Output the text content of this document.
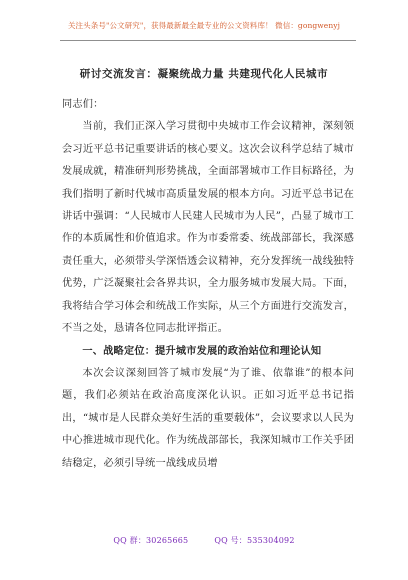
关注头条号"公文研究"，获得最新最全最专业的公文资料库！ 微信：gongwenyj
研讨交流发言：凝聚统战力量 共建现代化人民城市

同志们：

当前，我们正深入学习贯彻中央城市工作会议精神，深刻领会习近平总书记重要讲话的核心要义。这次会议科学总结了城市发展成就，精准研判形势挑战，全面部署城市工作目标路径，为我们指明了新时代城市高质量发展的根本方向。习近平总书记在讲话中强调：“人民城市人民建人民城市为人民”，凸显了城市工作的本质属性和价值追求。作为市委常委、统战部部长，我深感责任重大，必须带头学深悟透会议精神，充分发挥统一战线独特优势，广泛凝聚社会各界共识，全力服务城市发展大局。下面，我将结合学习体会和统战工作实际，从三个方面进行交流发言，不当之处，恳请各位同志批评指正。

一、战略定位：提升城市发展的政治站位和理论认知

本次会议深刻回答了城市发展“为了谁、依靠谁”的根本问题，我们必须站在政治高度深化认识。正如习近平总书记指出，“城市是人民群众美好生活的重要载体”，会议要求以人民为中心推进城市现代化。作为统战部部长，我深知城市工作关乎团结稳定，必须引导统一战线成员增

QQ 群：30265665	QQ 号：535304092
